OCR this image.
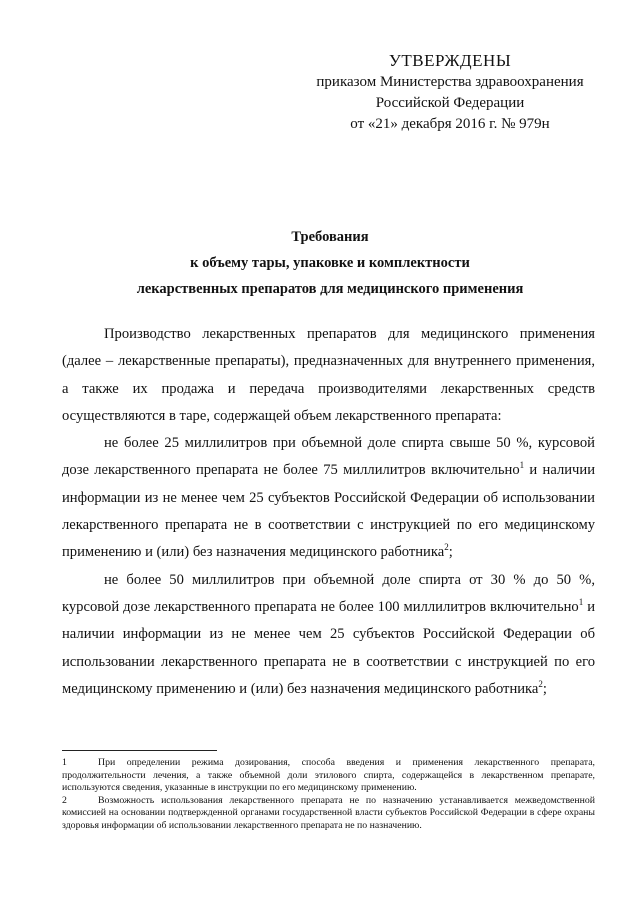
УТВЕРЖДЕНЫ
приказом Министерства здравоохранения
Российской Федерации
от «21» декабря 2016 г. № 979н
Требования
к объему тары, упаковке и комплектности
лекарственных препаратов для медицинского применения

Производство лекарственных препаратов для медицинского применения (далее – лекарственные препараты), предназначенных для внутреннего применения, а также их продажа и передача производителями лекарственных средств осуществляются в таре, содержащей объем лекарственного препарата:

не более 25 миллилитров при объемной доле спирта свыше 50 %, курсовой дозе лекарственного препарата не более 75 миллилитров включительно$^1$ и наличии информации из не менее чем 25 субъектов Российской Федерации об использовании лекарственного препарата не в соответствии с инструкцией по его медицинскому применению и (или) без назначения медицинского работника$^2$;

не более 50 миллилитров при объемной доле спирта от 30 % до 50 %, курсовой дозе лекарственного препарата не более 100 миллилитров включительно$^1$ и наличии информации из не менее чем 25 субъектов Российской Федерации об использовании лекарственного препарата не в соответствии с инструкцией по его медицинскому применению и (или) без назначения медицинского работника$^2$;

1	При определении режима дозирования, способа введения и применения лекарственного препарата, продолжительности лечения, а также объемной доли этилового спирта, содержащейся в лекарственном препарате, используются сведения, указанные в инструкции по его медицинскому применению.

2	Возможность использования лекарственного препарата не по назначению устанавливается межведомственной комиссией на основании подтвержденной органами государственной власти субъектов Российской Федерации в сфере охраны здоровья информации об использовании лекарственного препарата не по назначению.
